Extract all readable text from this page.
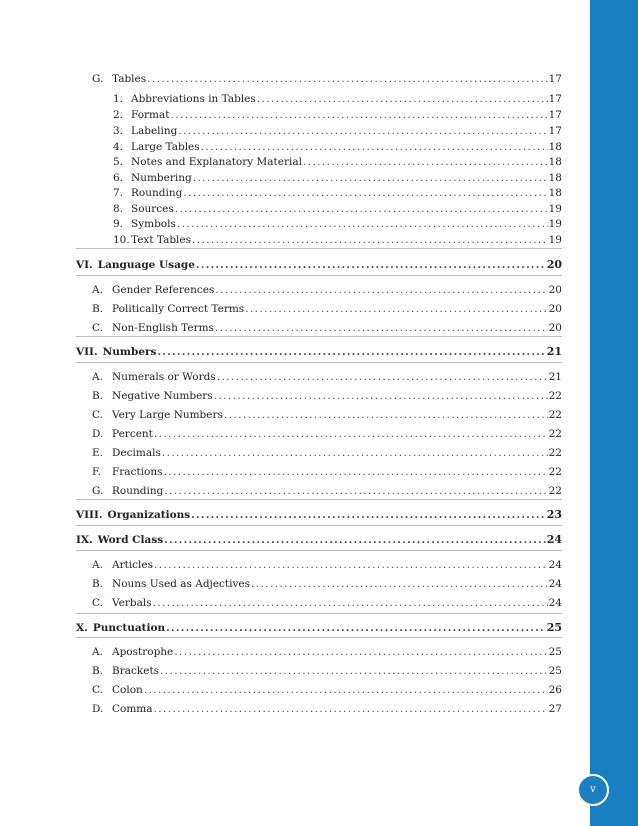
v
G. Tables .....	17
1. Abbreviations in Tables .....	17
2. Format .....	17
3. Labeling .....	17
4. Large Tables .....	18
5. Notes and Explanatory Material .....	18
6. Numbering .....	18
7. Rounding .....	18
8. Sources .....	19
9. Symbols .....	19
10.Text Tables .....	19
VI. Language Usage .....	20
A. Gender References .....	20
B. Politically Correct Terms .....	20
C. Non-English Terms .....	20
VII. Numbers .....	21
A. Numerals or Words .....	21
B. Negative Numbers .....	22
C. Very Large Numbers .....	22
D. Percent .....	22
E. Decimals .....	22
F. Fractions .....	22
G. Rounding .....	22
VIII. Organizations .....	23
IX. Word Class .....	24
A. Articles .....	24
B. Nouns Used as Adjectives .....	24
C. Verbals .....	24
X. Punctuation .....	25
A. Apostrophe .....	25
B. Brackets .....	25
C. Colon .....	26
D. Comma .....	27
